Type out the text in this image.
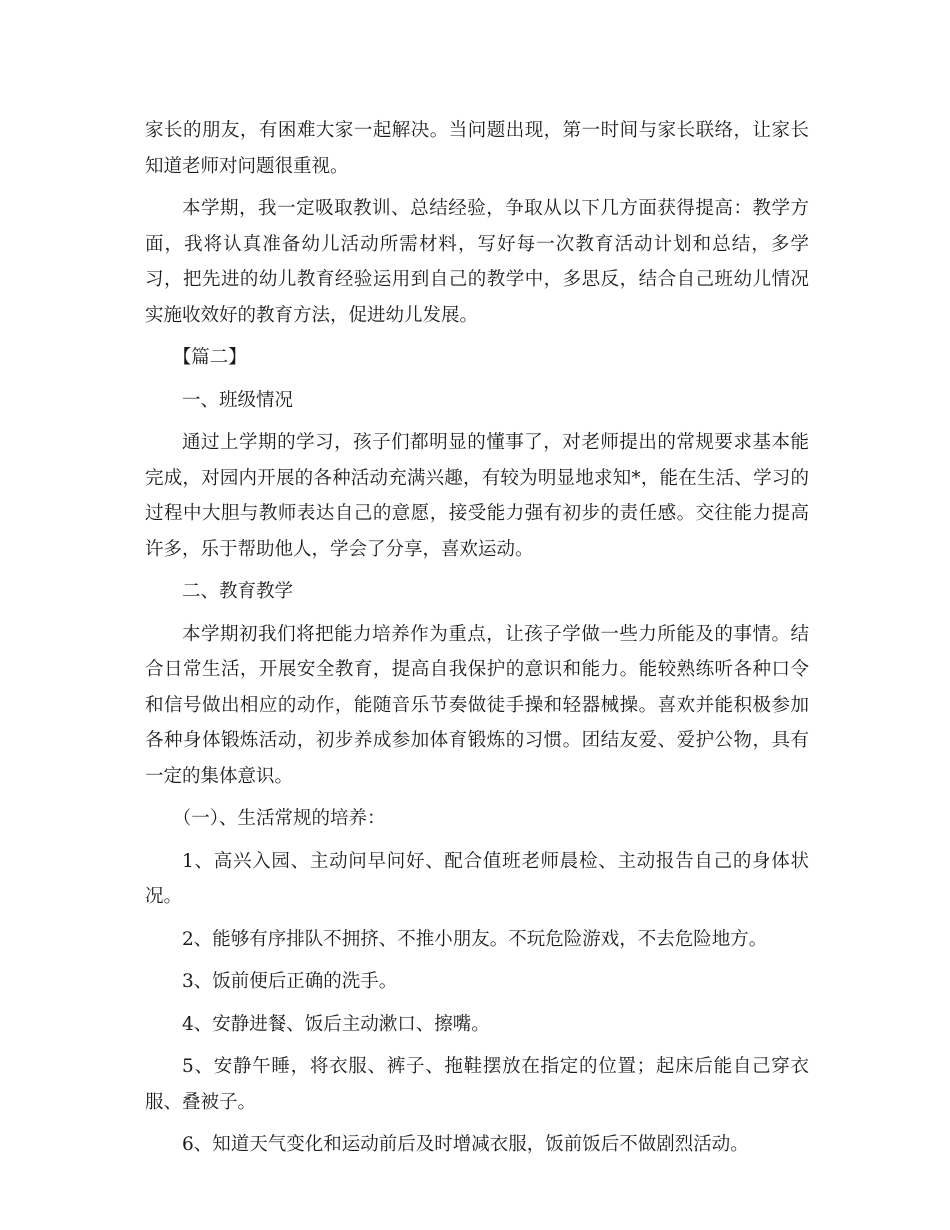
家长的朋友，有困难大家一起解决。当问题出现，第一时间与家长联络，让家长知道老师对问题很重视。

本学期，我一定吸取教训、总结经验，争取从以下几方面获得提高：教学方面，我将认真准备幼儿活动所需材料，写好每一次教育活动计划和总结，多学习，把先进的幼儿教育经验运用到自己的教学中，多思反，结合自己班幼儿情况实施收效好的教育方法，促进幼儿发展。

【篇二】

一、班级情况

通过上学期的学习，孩子们都明显的懂事了，对老师提出的常规要求基本能完成，对园内开展的各种活动充满兴趣，有较为明显地求知*，能在生活、学习的过程中大胆与教师表达自己的意愿，接受能力强有初步的责任感。交往能力提高许多，乐于帮助他人，学会了分享，喜欢运动。

二、教育教学

本学期初我们将把能力培养作为重点，让孩子学做一些力所能及的事情。结合日常生活，开展安全教育，提高自我保护的意识和能力。能较熟练听各种口令和信号做出相应的动作，能随音乐节奏做徒手操和轻器械操。喜欢并能积极参加各种身体锻炼活动，初步养成参加体育锻炼的习惯。团结友爱、爱护公物，具有一定的集体意识。

（一）、生活常规的培养：

1、高兴入园、主动问早问好、配合值班老师晨检、主动报告自己的身体状况。

2、能够有序排队不拥挤、不推小朋友。不玩危险游戏，不去危险地方。

3、饭前便后正确的洗手。

4、安静进餐、饭后主动漱口、擦嘴。

5、安静午睡，将衣服、裤子、拖鞋摆放在指定的位置；起床后能自己穿衣服、叠被子。

6、知道天气变化和运动前后及时增减衣服，饭前饭后不做剧烈活动。
